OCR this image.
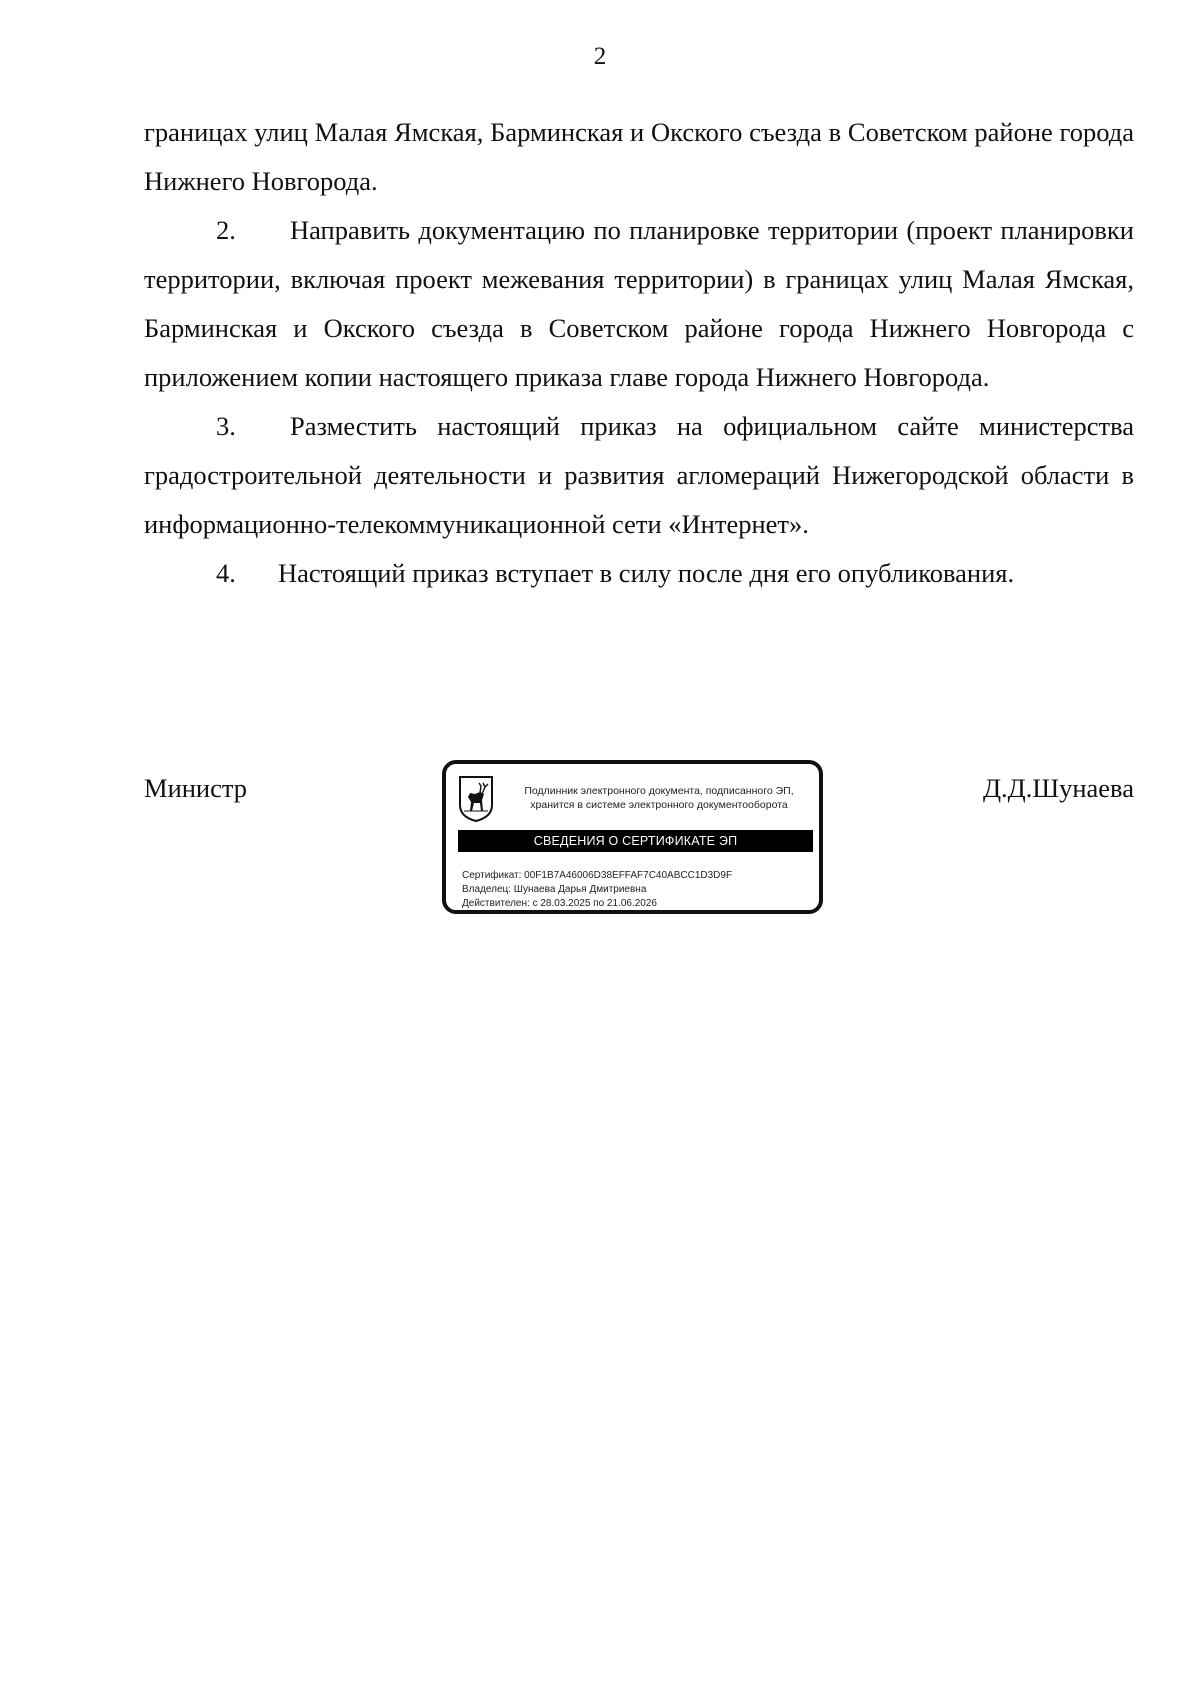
2

границах улиц Малая Ямская, Барминская и Окского съезда в Советском районе города Нижнего Новгорода.

2. Направить документацию по планировке территории (проект планировки территории, включая проект межевания территории) в границах улиц Малая Ямская, Барминская и Окского съезда в Советском районе города Нижнего Новгорода с приложением копии настоящего приказа главе города Нижнего Новгорода.

3. Разместить настоящий приказ на официальном сайте министерства градостроительной деятельности и развития агломераций Нижегородской области в информационно-телекоммуникационной сети «Интернет».

4. Настоящий приказ вступает в силу после дня его опубликования.

Министр	Подлинник электронного документа, подписанного ЭП,
хранится в системе электронного документооборота
СВЕДЕНИЯ О СЕРТИФИКАТЕ ЭП
Сертификат: 00F1B7A46006D38EFFAF7C40ABCC1D3D9F
Владелец: Шунаева Дарья Дмитриевна
Действителен: с 28.03.2025 по 21.06.2026
Д.Д.Шунаева
